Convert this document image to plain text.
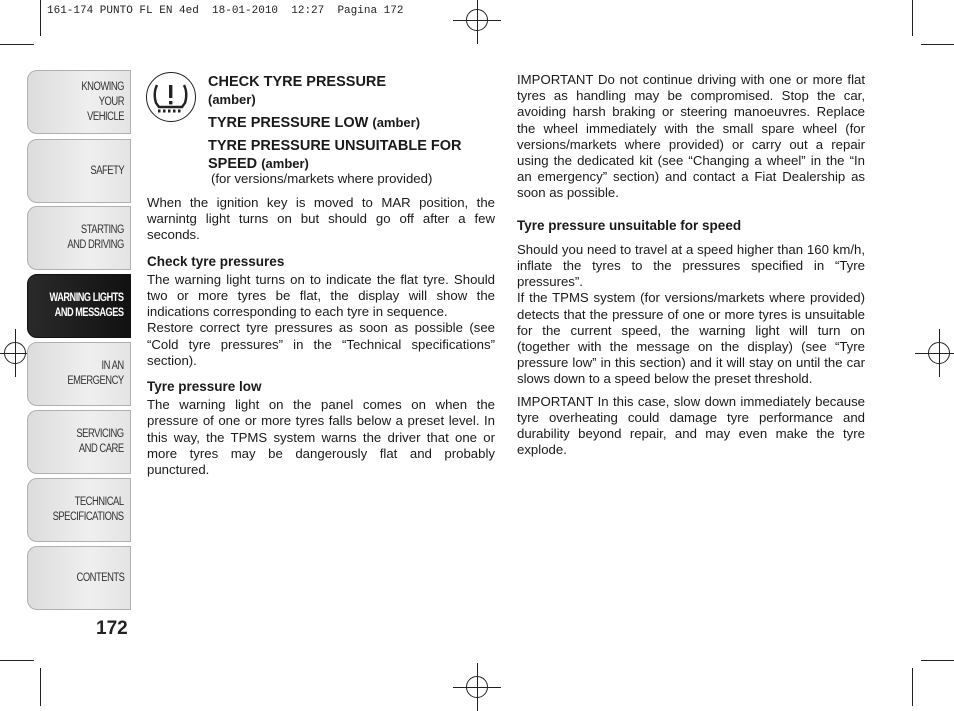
161-174 PUNTO FL EN 4ed  18-01-2010  12:27  Pagina 172
KNOWING
YOUR
VEHICLE
SAFETY
STARTING
AND DRIVING
WARNING LIGHTS
AND MESSAGES
IN AN
EMERGENCY
SERVICING
AND CARE
TECHNICAL
SPECIFICATIONS
CONTENTS
172
CHECK TYRE PRESSURE
(amber)
TYRE PRESSURE LOW (amber)
TYRE PRESSURE UNSUITABLE FOR SPEED (amber)
(for versions/markets where provided)

When the ignition key is moved to MAR position, the warnintg light turns on but should go off after a few seconds.

Check tyre pressures

The warning light turns on to indicate the flat tyre. Should two or more tyres be flat, the display will show the indications corresponding to each tyre in sequence.

Restore correct tyre pressures as soon as possible (see “Cold tyre pressures” in the “Technical specifications” section).

Tyre pressure low

The warning light on the panel comes on when the pressure of one or more tyres falls below a preset level. In this way, the TPMS system warns the driver that one or more tyres may be dangerously flat and probably punctured.

IMPORTANT Do not continue driving with one or more flat tyres as handling may be compromised. Stop the car, avoiding harsh braking or steering manoeuvres. Replace the wheel immediately with the small spare wheel (for versions/markets where provided) or carry out a repair using the dedicated kit (see “Changing a wheel” in the “In an emergency” section) and contact a Fiat Dealership as soon as possible.

Tyre pressure unsuitable for speed

Should you need to travel at a speed higher than 160 km/h, inflate the tyres to the pressures specified in “Tyre pressures”.

If the TPMS system (for versions/markets where provided) detects that the pressure of one or more tyres is unsuitable for the current speed, the warning light will turn on (together with the message on the display) (see “Tyre pressure low” in this section) and it will stay on until the car slows down to a speed below the preset threshold.

IMPORTANT In this case, slow down immediately because tyre overheating could damage tyre performance and durability beyond repair, and may even make the tyre explode.
